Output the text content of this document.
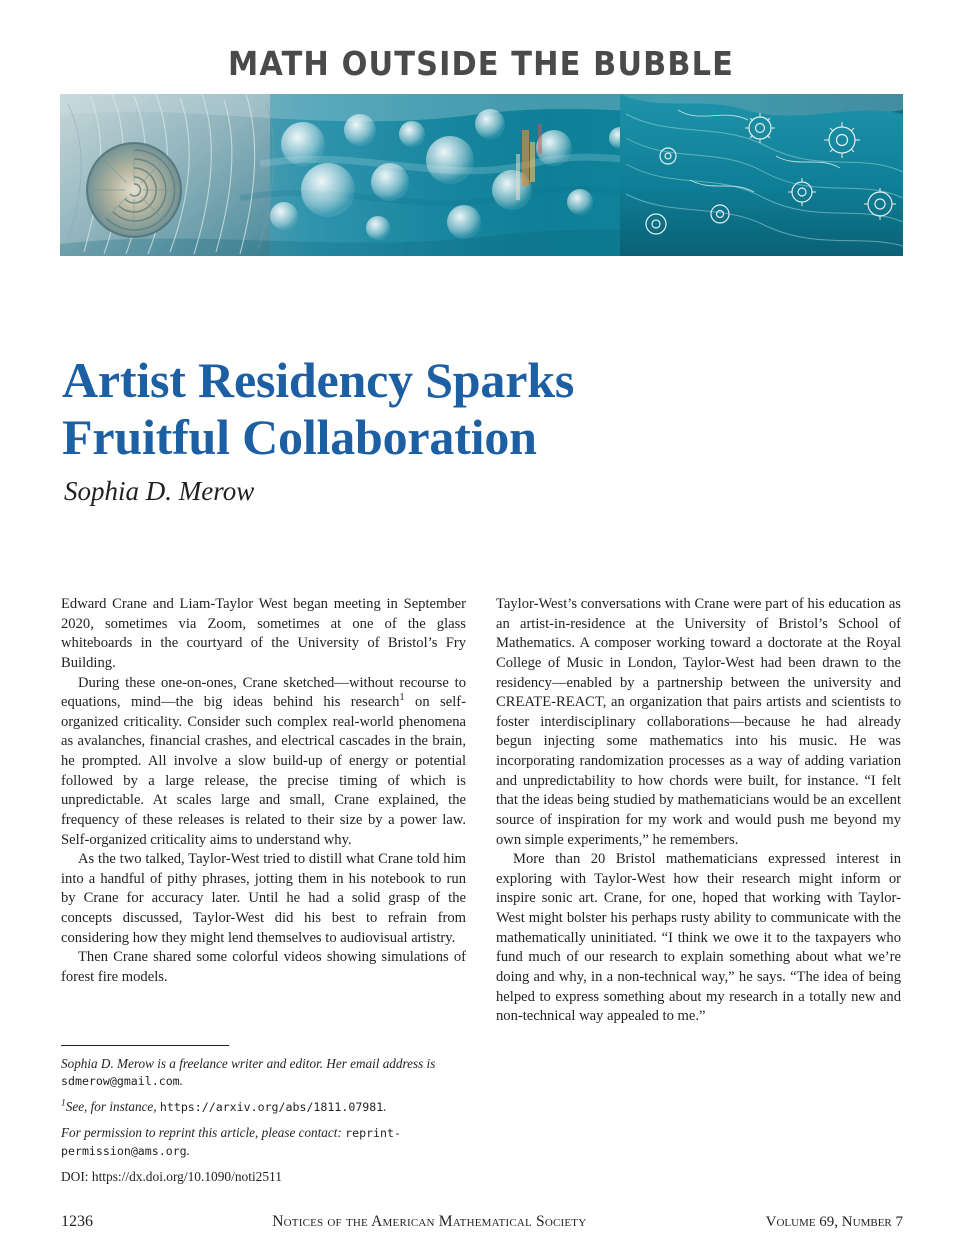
MATH OUTSIDE THE BUBBLE
Artist Residency Sparks
Fruitful Collaboration
Sophia D. Merow

Edward Crane and Liam-Taylor West began meeting in September 2020, sometimes via Zoom, sometimes at one of the glass whiteboards in the courtyard of the University of Bristol’s Fry Building.

During these one-on-ones, Crane sketched—without recourse to equations, mind—the big ideas behind his research$^1$ on self-organized criticality. Consider such complex real-world phenomena as avalanches, financial crashes, and electrical cascades in the brain, he prompted. All involve a slow build-up of energy or potential followed by a large release, the precise timing of which is unpredictable. At scales large and small, Crane explained, the frequency of these releases is related to their size by a power law. Self-organized criticality aims to understand why.

As the two talked, Taylor-West tried to distill what Crane told him into a handful of pithy phrases, jotting them in his notebook to run by Crane for accuracy later. Until he had a solid grasp of the concepts discussed, Taylor-West did his best to refrain from considering how they might lend themselves to audiovisual artistry.

Then Crane shared some colorful videos showing simulations of forest fire models.

Taylor-West’s conversations with Crane were part of his education as an artist-in-residence at the University of Bristol’s School of Mathematics. A composer working toward a doctorate at the Royal College of Music in London, Taylor-West had been drawn to the residency—enabled by a partnership between the university and CREATE-REACT, an organization that pairs artists and scientists to foster interdisciplinary collaborations—because he had already begun injecting some mathematics into his music. He was incorporating randomization processes as a way of adding variation and unpredictability to how chords were built, for instance. “I felt that the ideas being studied by mathematicians would be an excellent source of inspiration for my work and would push me beyond my own simple experiments,” he remembers.

More than 20 Bristol mathematicians expressed interest in exploring with Taylor-West how their research might inform or inspire sonic art. Crane, for one, hoped that working with Taylor-West might bolster his perhaps rusty ability to communicate with the mathematically uninitiated. “I think we owe it to the taxpayers who fund much of our research to explain something about what we’re doing and why, in a non-technical way,” he says. “The idea of being helped to express something about my research in a totally new and non-technical way appealed to me.”

Sophia D. Merow is a freelance writer and editor. Her email address is sdmerow@gmail.com.

$^1$See, for instance, https://arxiv.org/abs/1811.07981.

For permission to reprint this article, please contact: reprint-permission@ams.org.

DOI: https://dx.doi.org/10.1090/noti2511

1236	Notices of the American Mathematical Society	Volume 69, Number 7
